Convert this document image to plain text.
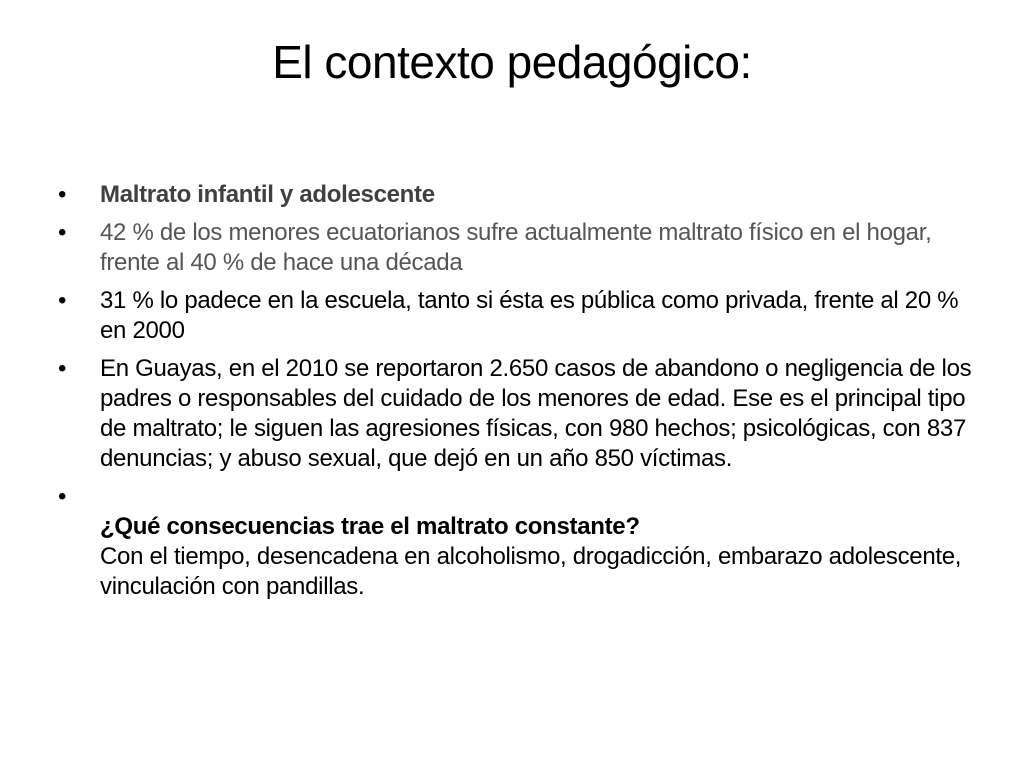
El contexto pedagógico:
•	Maltrato infantil y adolescente
•	42 % de los menores ecuatorianos sufre actualmente maltrato físico en el hogar, frente al 40 % de hace una década
•	31 % lo padece en la escuela, tanto si ésta es pública como privada, frente al 20 % en 2000
•	En Guayas, en el 2010 se reportaron 2.650 casos de abandono o negligencia de los padres o responsables del cuidado de los menores de edad. Ese es el principal tipo de maltrato; le siguen las agresiones físicas, con 980 hechos; psicológicas, con 837 denuncias; y abuso sexual, que dejó en un año 850 víctimas.
•
¿Qué consecuencias trae el maltrato constante?
Con el tiempo, desencadena en alcoholismo, drogadicción, embarazo adolescente, vinculación con pandillas.
